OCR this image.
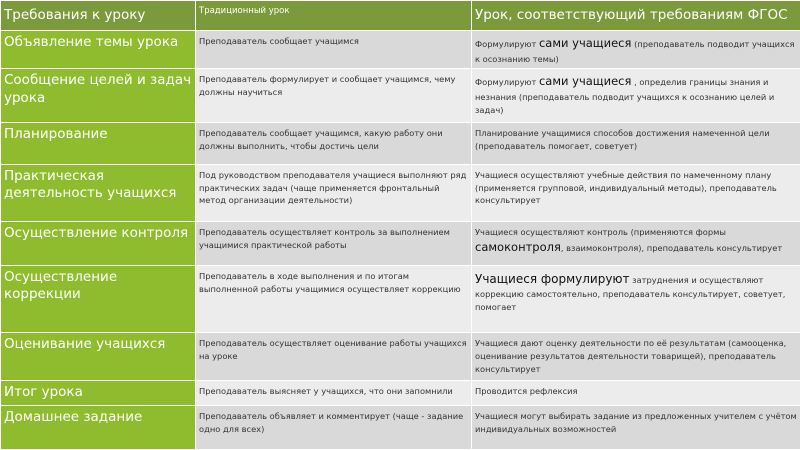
Требования к уроку	Традиционный урок	Урок, соответствующий требованиям ФГОС
Объявление темы урока	Преподаватель сообщает учащимся	Формулируют сами учащиеся (преподаватель подводит учащихся к осознанию темы)
Сообщение целей и задач урока	Преподаватель формулирует и сообщает учащимся, чему должны научиться	Формулируют сами учащиеся , определив границы знания и незнания (преподаватель подводит учащихся к осознанию целей и задач)
Планирование	Преподаватель сообщает учащимся, какую работу они должны выполнить, чтобы достичь цели	Планирование учащимися способов достижения намеченной цели (преподаватель помогает, советует)
Практическая деятельность учащихся	Под руководством преподавателя учащиеся выполняют ряд практических задач (чаще применяется фронтальный метод организации деятельности)	Учащиеся осуществляют учебные действия по намеченному плану (применяется групповой, индивидуальный методы), преподаватель консультирует
Осуществление контроля	Преподаватель осуществляет контроль за выполнением учащимися практической работы	Учащиеся осуществляют контроль (применяются формы самоконтроля, взаимоконтроля), преподаватель консультирует
Осуществление коррекции	Преподаватель в ходе выполнения и по итогам выполненной работы учащимися осуществляет коррекцию	Учащиеся формулируют затруднения и осуществляют коррекцию самостоятельно, преподаватель консультирует, советует, помогает
Оценивание учащихся	Преподаватель осуществляет оценивание работы учащихся на уроке	Учащиеся дают оценку деятельности по её результатам (самооценка, оценивание результатов деятельности товарищей), преподаватель консультирует
Итог урока	Преподаватель выясняет у учащихся, что они запомнили	Проводится рефлексия
Домашнее задание	Преподаватель объявляет и комментирует (чаще - задание одно для всех)	Учащиеся могут выбирать задание из предложенных учителем с учётом индивидуальных возможностей
